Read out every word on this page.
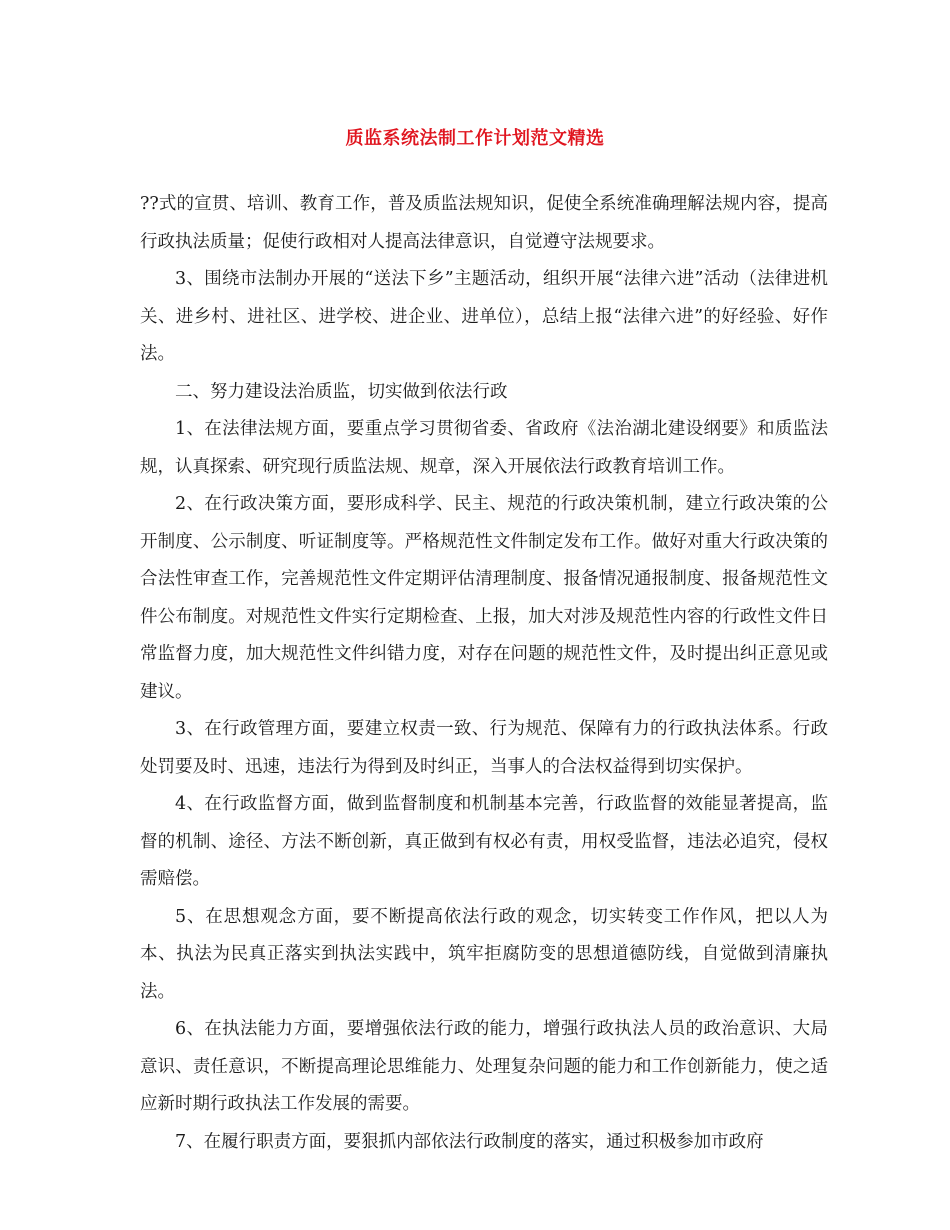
质监系统法制工作计划范文精选

??式的宣贯、培训、教育工作，普及质监法规知识，促使全系统准确理解法规内容，提高行政执法质量；促使行政相对人提高法律意识，自觉遵守法规要求。

3、围绕市法制办开展的“送法下乡”主题活动，组织开展“法律六进”活动（法律进机关、进乡村、进社区、进学校、进企业、进单位），总结上报“法律六进”的好经验、好作法。

二、努力建设法治质监，切实做到依法行政

1、在法律法规方面，要重点学习贯彻省委、省政府《法治湖北建设纲要》和质监法规，认真探索、研究现行质监法规、规章，深入开展依法行政教育培训工作。

2、在行政决策方面，要形成科学、民主、规范的行政决策机制，建立行政决策的公开制度、公示制度、听证制度等。严格规范性文件制定发布工作。做好对重大行政决策的合法性审查工作，完善规范性文件定期评估清理制度、报备情况通报制度、报备规范性文件公布制度。对规范性文件实行定期检查、上报，加大对涉及规范性内容的行政性文件日常监督力度，加大规范性文件纠错力度，对存在问题的规范性文件，及时提出纠正意见或建议。

3、在行政管理方面，要建立权责一致、行为规范、保障有力的行政执法体系。行政处罚要及时、迅速，违法行为得到及时纠正，当事人的合法权益得到切实保护。

4、在行政监督方面，做到监督制度和机制基本完善，行政监督的效能显著提高，监督的机制、途径、方法不断创新，真正做到有权必有责，用权受监督，违法必追究，侵权需赔偿。

5、在思想观念方面，要不断提高依法行政的观念，切实转变工作作风，把以人为本、执法为民真正落实到执法实践中，筑牢拒腐防变的思想道德防线，自觉做到清廉执法。

6、在执法能力方面，要增强依法行政的能力，增强行政执法人员的政治意识、大局意识、责任意识，不断提高理论思维能力、处理复杂问题的能力和工作创新能力，使之适应新时期行政执法工作发展的需要。

7、在履行职责方面，要狠抓内部依法行政制度的落实，通过积极参加市政府
